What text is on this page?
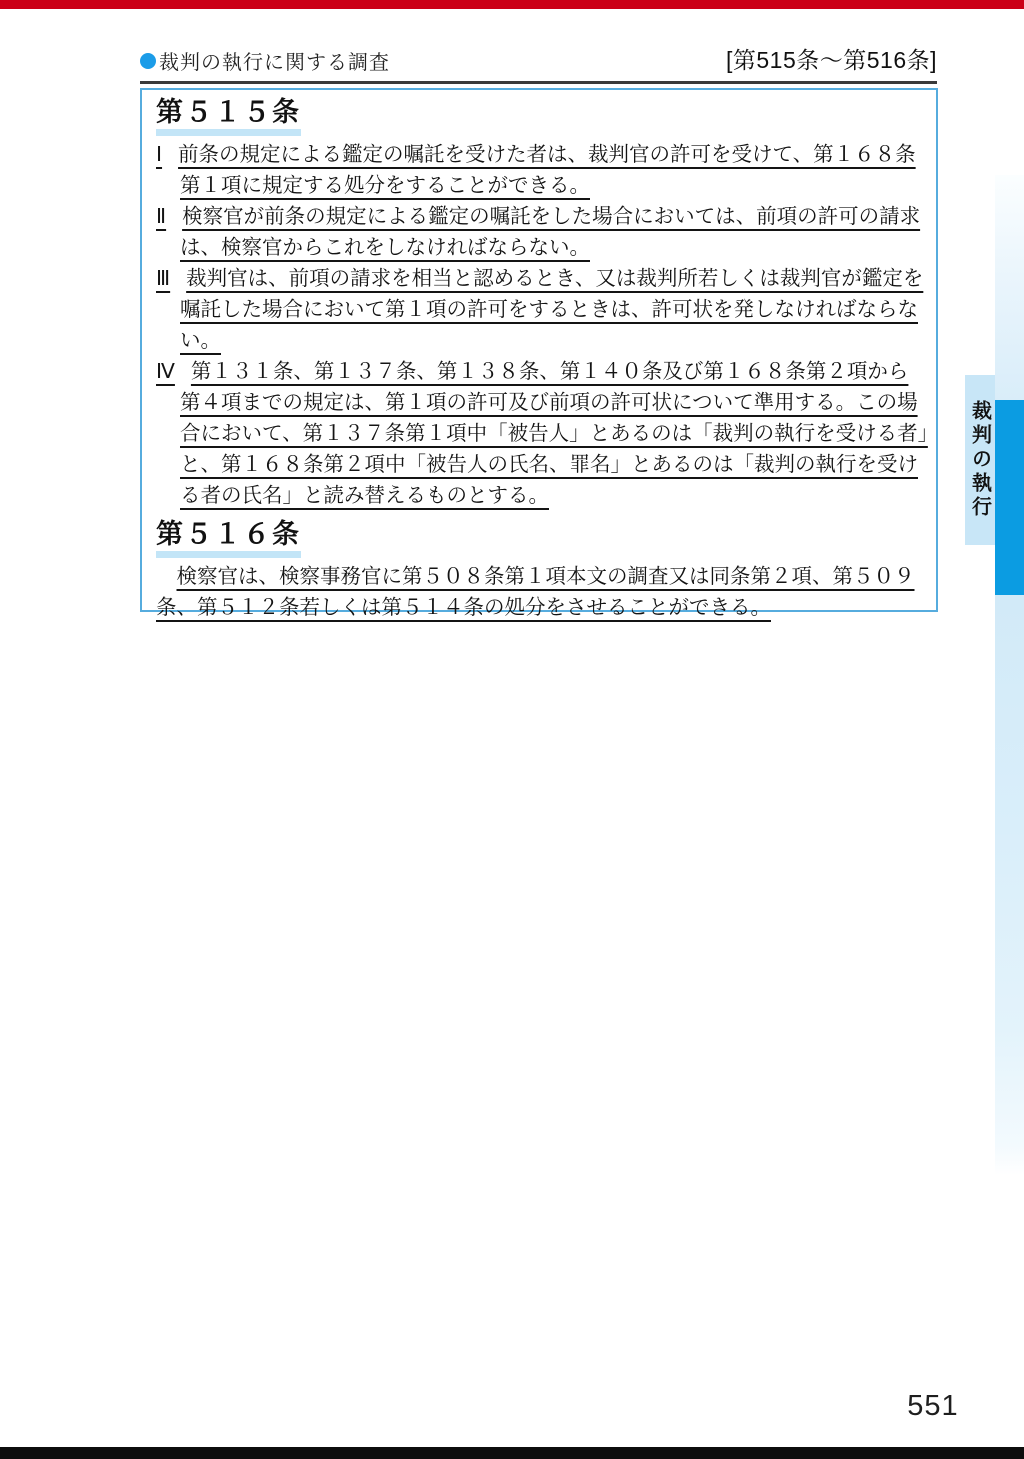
裁判の執行に関する調査	[第515条～第516条]
第５１５条
Ⅰ 前条の規定による鑑定の嘱託を受けた者は、裁判官の許可を受けて、第１６８条第１項に規定する処分をすることができる。
Ⅱ 検察官が前条の規定による鑑定の嘱託をした場合においては、前項の許可の請求は、検察官からこれをしなければならない。
Ⅲ 裁判官は、前項の請求を相当と認めるとき、又は裁判所若しくは裁判官が鑑定を嘱託した場合において第１項の許可をするときは、許可状を発しなければならない。
Ⅳ 第１３１条、第１３７条、第１３８条、第１４０条及び第１６８条第２項から第４項までの規定は、第１項の許可及び前項の許可状について準用する。この場合において、第１３７条第１項中「被告人」とあるのは「裁判の執行を受ける者」と、第１６８条第２項中「被告人の氏名、罪名」とあるのは「裁判の執行を受ける者の氏名」と読み替えるものとする。
第５１６条
検察官は、検察事務官に第５０８条第１項本文の調査又は同条第２項、第５０９条、第５１２条若しくは第５１４条の処分をさせることができる。
裁判の執行
551
